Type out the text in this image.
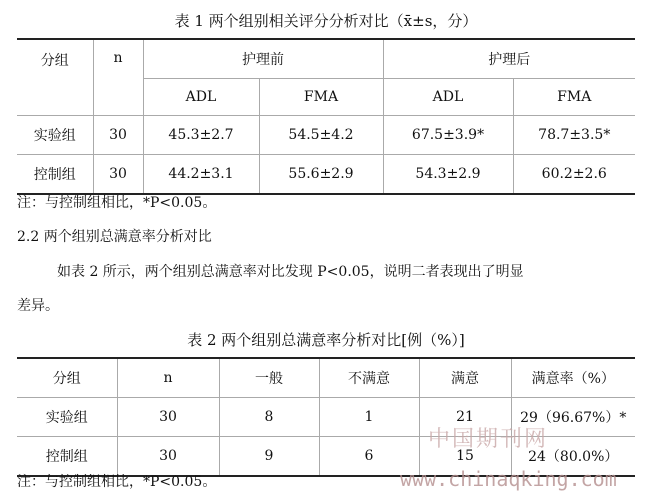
表 1 两个组别相关评分分析对比（x̄±s，分）
分组	n	护理前		护理后	
		ADL	FMA	ADL	FMA
实验组	30	45.3±2.7	54.5±4.2	67.5±3.9*	78.7±3.5*
控制组	30	44.2±3.1	55.6±2.9	54.3±2.9	60.2±2.6
注：与控制组相比，*P<0.05。
2.2 两个组别总满意率分析对比
如表 2 所示，两个组别总满意率对比发现 P<0.05，说明二者表现出了明显
差异。
表 2 两个组别总满意率分析对比[例（%）]
分组	n	一般	不满意	满意	满意率（%）
实验组	30	8	1	21	29（96.67%）*
控制组	30	9	6	15	24（80.0%）
注：与控制组相比，*P<0.05。
中国期刊网
www.chinaqking.com
